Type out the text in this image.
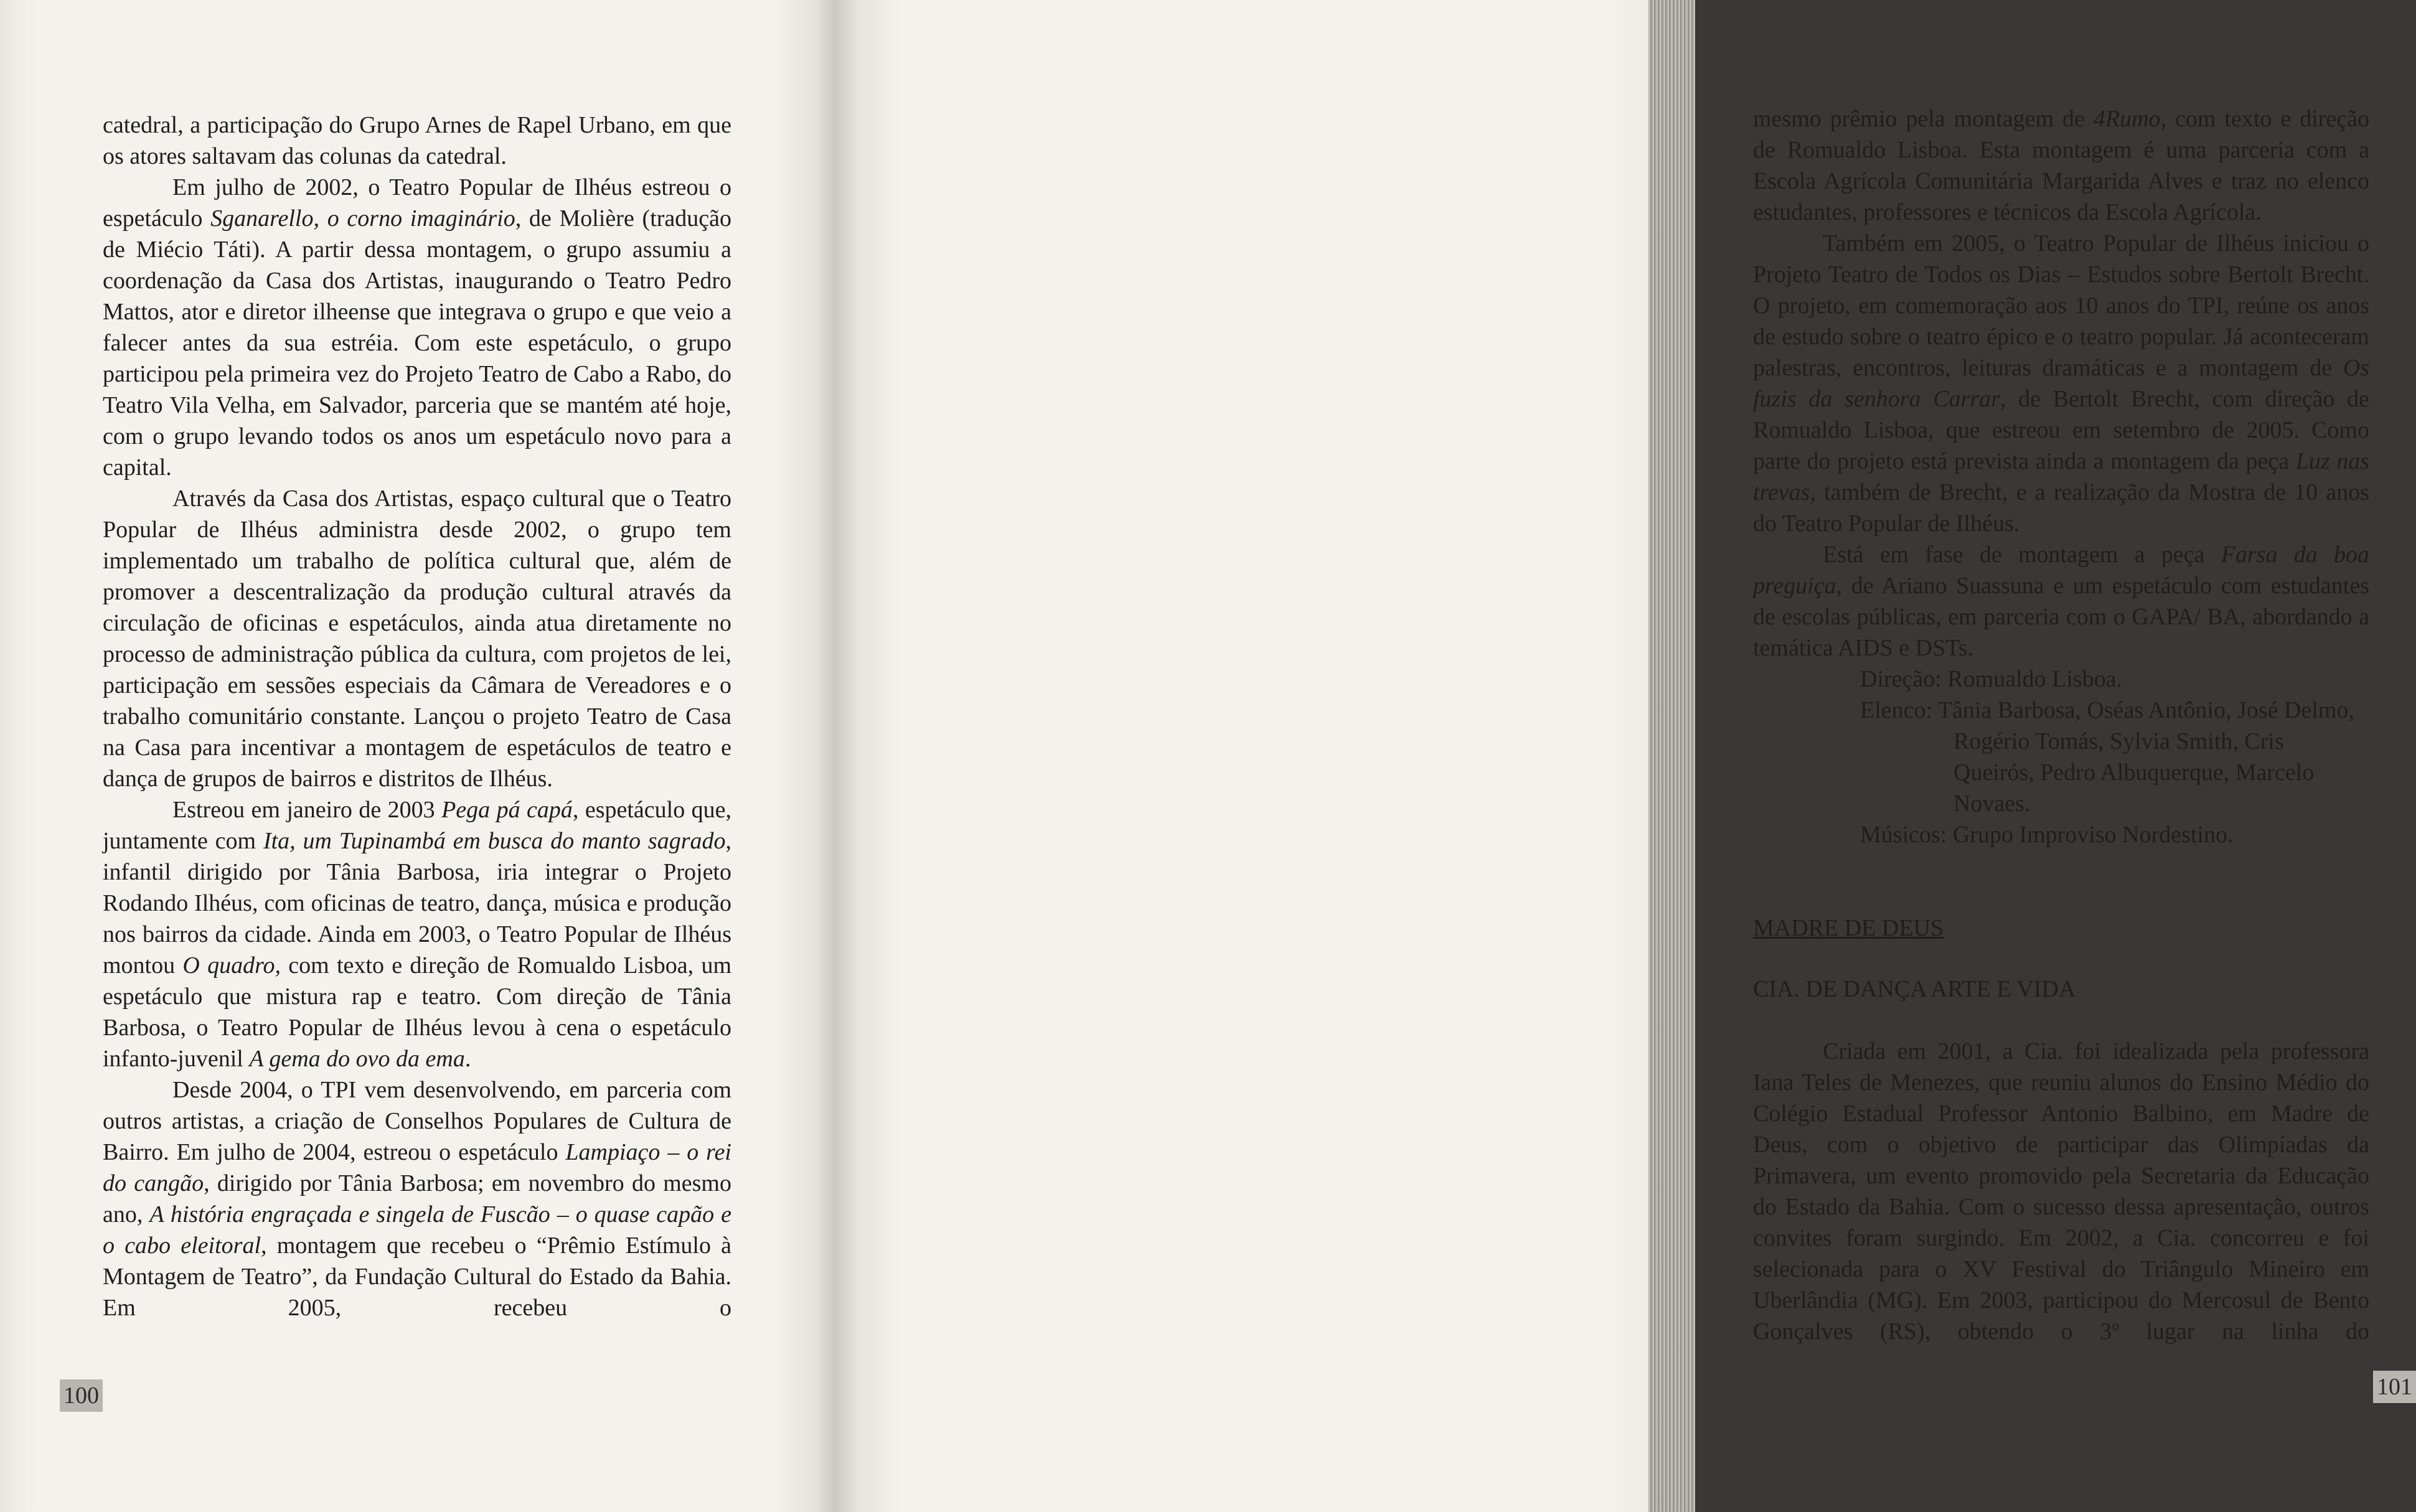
catedral, a participação do Grupo Arnes de Rapel Urbano, em que os atores saltavam das colunas da catedral.

Em julho de 2002, o Teatro Popular de Ilhéus estreou o espetáculo Sganarello, o corno imaginário, de Molière (tradução de Miécio Táti). A partir dessa montagem, o grupo assumiu a coordenação da Casa dos Artistas, inaugurando o Teatro Pedro Mattos, ator e diretor ilheense que integrava o grupo e que veio a falecer antes da sua estréia. Com este espetáculo, o grupo participou pela primeira vez do Projeto Teatro de Cabo a Rabo, do Teatro Vila Velha, em Salvador, parceria que se mantém até hoje, com o grupo levando todos os anos um espetáculo novo para a capital.

Através da Casa dos Artistas, espaço cultural que o Teatro Popular de Ilhéus administra desde 2002, o grupo tem implementado um trabalho de política cultural que, além de promover a descentralização da produção cultural através da circulação de oficinas e espetáculos, ainda atua diretamente no processo de administração pública da cultura, com projetos de lei, participação em sessões especiais da Câmara de Vereadores e o trabalho comunitário constante. Lançou o projeto Teatro de Casa na Casa para incentivar a montagem de espetáculos de teatro e dança de grupos de bairros e distritos de Ilhéus.

Estreou em janeiro de 2003 Pega pá capá, espetáculo que, juntamente com Ita, um Tupinambá em busca do manto sagrado, infantil dirigido por Tânia Barbosa, iria integrar o Projeto Rodando Ilhéus, com oficinas de teatro, dança, música e produção nos bairros da cidade. Ainda em 2003, o Teatro Popular de Ilhéus montou O quadro, com texto e direção de Romualdo Lisboa, um espetáculo que mistura rap e teatro. Com direção de Tânia Barbosa, o Teatro Popular de Ilhéus levou à cena o espetáculo infanto-juvenil A gema do ovo da ema.

Desde 2004, o TPI vem desenvolvendo, em parceria com outros artistas, a criação de Conselhos Populares de Cultura de Bairro. Em julho de 2004, estreou o espetáculo Lampiaço – o rei do cangão, dirigido por Tânia Barbosa; em novembro do mesmo ano, A história engraçada e singela de Fuscão – o quase capão e o cabo eleitoral, montagem que recebeu o “Prêmio Estímulo à Montagem de Teatro”, da Fundação Cultural do Estado da Bahia. Em 2005, recebeu o

100

mesmo prêmio pela montagem de 4Rumo, com texto e direção de Romualdo Lisboa. Esta montagem é uma parceria com a Escola Agrícola Comunitária Margarida Alves e traz no elenco estudantes, professores e técnicos da Escola Agrícola.

Também em 2005, o Teatro Popular de Ilhéus iniciou o Projeto Teatro de Todos os Dias – Estudos sobre Bertolt Brecht. O projeto, em comemoração aos 10 anos do TPI, reúne os anos de estudo sobre o teatro épico e o teatro popular. Já aconteceram palestras, encontros, leituras dramáticas e a montagem de Os fuzis da senhora Carrar, de Bertolt Brecht, com direção de Romualdo Lisboa, que estreou em setembro de 2005. Como parte do projeto está prevista ainda a montagem da peça Luz nas trevas, também de Brecht, e a realização da Mostra de 10 anos do Teatro Popular de Ilhéus.

Está em fase de montagem a peça Farsa da boa preguiça, de Ariano Suassuna e um espetáculo com estudantes de escolas públicas, em parceria com o GAPA/ BA, abordando a temática AIDS e DSTs.

Direção: Romualdo Lisboa.

Elenco: Tânia Barbosa, Oséas Antônio, José Delmo, Rogério Tomás, Sylvia Smith, Cris Queirós, Pedro Albuquerque, Marcelo Novaes.

Músicos: Grupo Improviso Nordestino.

MADRE DE DEUS

CIA. DE DANÇA ARTE E VIDA

Criada em 2001, a Cia. foi idealizada pela professora Iana Teles de Menezes, que reuniu alunos do Ensino Médio do Colégio Estadual Professor Antonio Balbino, em Madre de Deus, com o objetivo de participar das Olimpíadas da Primavera, um evento promovido pela Secretaria da Educação do Estado da Bahia. Com o sucesso dessa apresentação, outros convites foram surgindo. Em 2002, a Cia. concorreu e foi selecionada para o XV Festival do Triângulo Mineiro em Uberlândia (MG). Em 2003, participou do Mercosul de Bento Gonçalves (RS), obtendo o 3º lugar na linha do

101
